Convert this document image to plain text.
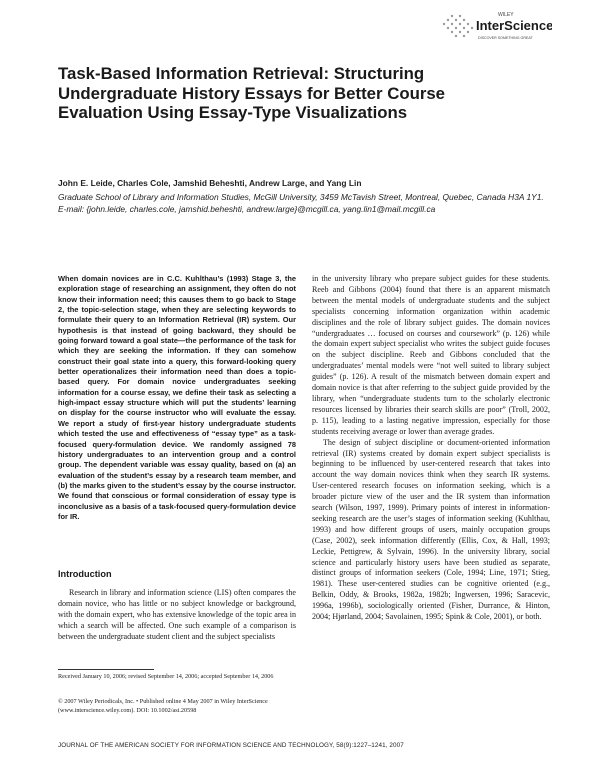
WILEY
InterScience
DISCOVER SOMETHING GREAT
Task-Based Information Retrieval: Structuring Undergraduate History Essays for Better Course Evaluation Using Essay-Type Visualizations
John E. Leide, Charles Cole, Jamshid Beheshti, Andrew Large, and Yang Lin
Graduate School of Library and Information Studies, McGill University, 3459 McTavish Street, Montreal, Quebec, Canada H3A 1Y1. E-mail: {john.leide, charles.cole, jamshid.beheshti, andrew.large}@mcgill.ca, yang.lin1@mail.mcgill.ca

When domain novices are in C.C. Kuhlthau’s (1993) Stage 3, the exploration stage of researching an assignment, they often do not know their information need; this causes them to go back to Stage 2, the topic-selection stage, when they are selecting keywords to formulate their query to an Information Retrieval (IR) system. Our hypothesis is that instead of going backward, they should be going forward toward a goal state—the performance of the task for which they are seeking the information. If they can somehow construct their goal state into a query, this forward-looking query better operationalizes their information need than does a topic-based query. For domain novice undergraduates seeking information for a course essay, we define their task as selecting a high-impact essay structure which will put the students’ learning on display for the course instructor who will evaluate the essay. We report a study of first-year history undergraduate students which tested the use and effectiveness of “essay type” as a task-focused query-formulation device. We randomly assigned 78 history undergraduates to an intervention group and a control group. The dependent variable was essay quality, based on (a) an evaluation of the student’s essay by a research team member, and (b) the marks given to the student’s essay by the course instructor. We found that conscious or formal consideration of essay type is inconclusive as a basis of a task-focused query-formulation device for IR.

Introduction

Research in library and information science (LIS) often compares the domain novice, who has little or no subject knowledge or background, with the domain expert, who has extensive knowledge of the topic area in which a search will be affected. One such example of a comparison is between the undergraduate student client and the subject specialists

Received January 10, 2006; revised September 14, 2006; accepted September 14, 2006

© 2007 Wiley Periodicals, Inc. • Published online 4 May 2007 in Wiley InterScience (www.interscience.wiley.com). DOI: 10.1002/asi.20598

in the university library who prepare subject guides for these students. Reeb and Gibbons (2004) found that there is an apparent mismatch between the mental models of undergraduate students and the subject specialists concerning information organization within academic disciplines and the role of library subject guides. The domain novices “undergraduates … focused on courses and coursework” (p. 126) while the domain expert subject specialist who writes the subject guide focuses on the subject discipline. Reeb and Gibbons concluded that the undergraduates’ mental models were “not well suited to library subject guides” (p. 126). A result of the mismatch between domain expert and domain novice is that after referring to the subject guide provided by the library, when “undergraduate students turn to the scholarly electronic resources licensed by libraries their search skills are poor” (Troll, 2002, p. 115), leading to a lasting negative impression, especially for those students receiving average or lower than average grades.

The design of subject discipline or document-oriented information retrieval (IR) systems created by domain expert subject specialists is beginning to be influenced by user-centered research that takes into account the way domain novices think when they search IR systems. User-centered research focuses on information seeking, which is a broader picture view of the user and the IR system than information search (Wilson, 1997, 1999). Primary points of interest in information-seeking research are the user’s stages of information seeking (Kuhlthau, 1993) and how different groups of users, mainly occupation groups (Case, 2002), seek information differently (Ellis, Cox, & Hall, 1993; Leckie, Pettigrew, & Sylvain, 1996). In the university library, social science and particularly history users have been studied as separate, distinct groups of information seekers (Cole, 1994; Line, 1971; Stieg, 1981). These user-centered studies can be cognitive oriented (e.g., Belkin, Oddy, & Brooks, 1982a, 1982b; Ingwersen, 1996; Saracevic, 1996a, 1996b), sociologically oriented (Fisher, Durrance, & Hinton, 2004; Hjørland, 2004; Savolainen, 1995; Spink & Cole, 2001), or both.

JOURNAL OF THE AMERICAN SOCIETY FOR INFORMATION SCIENCE AND TECHNOLOGY, 58(9):1227–1241, 2007
